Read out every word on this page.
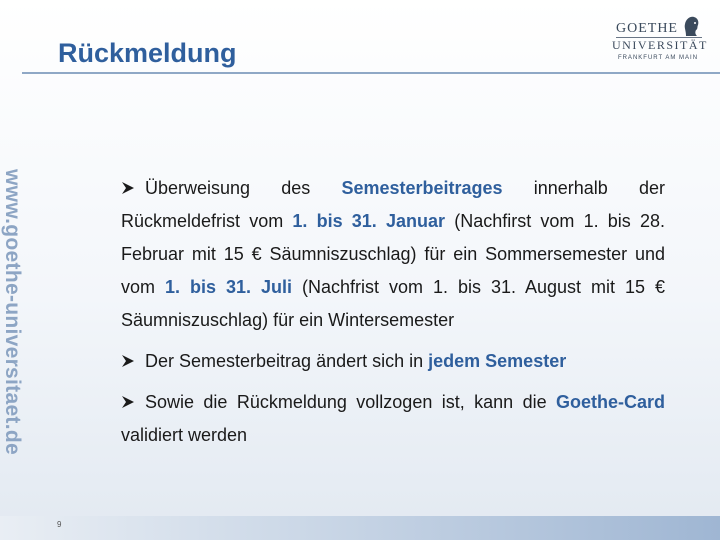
Rückmeldung
GOETHE
UNIVERSITÄT
FRANKFURT AM MAIN
www.goethe-universitaet.de	Überweisung des Semesterbeitrages innerhalb der Rückmeldefrist vom 1. bis 31. Januar (Nachfirst vom 1. bis 28. Februar mit 15 € Säumniszuschlag) für ein Sommersemester und vom 1. bis 31. Juli (Nachfrist vom 1. bis 31. August mit 15 € Säumniszuschlag) für ein Wintersemester

Der Semesterbeitrag ändert sich in jedem Semester

Sowie die Rückmeldung vollzogen ist, kann die Goethe-Card validiert werden

9
